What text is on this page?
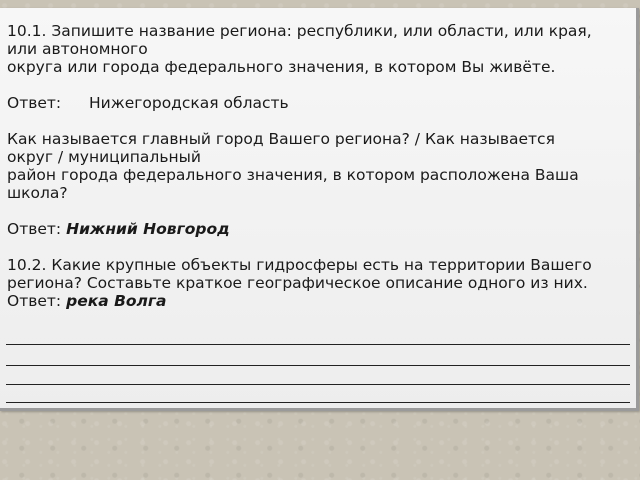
10.1. Запишите название региона: республики, или области, или края,
или автономного
округа или города федерального значения, в котором Вы живёте.
Ответ: Нижегородская область
Как называется главный город Вашего региона? / Как называется
округ / муниципальный
район города федерального значения, в котором расположена Ваша
школа?
Ответ: Нижний Новгород
10.2. Какие крупные объекты гидросферы есть на территории Вашего
региона? Составьте краткое географическое описание одного из них.
Ответ: река Волга
